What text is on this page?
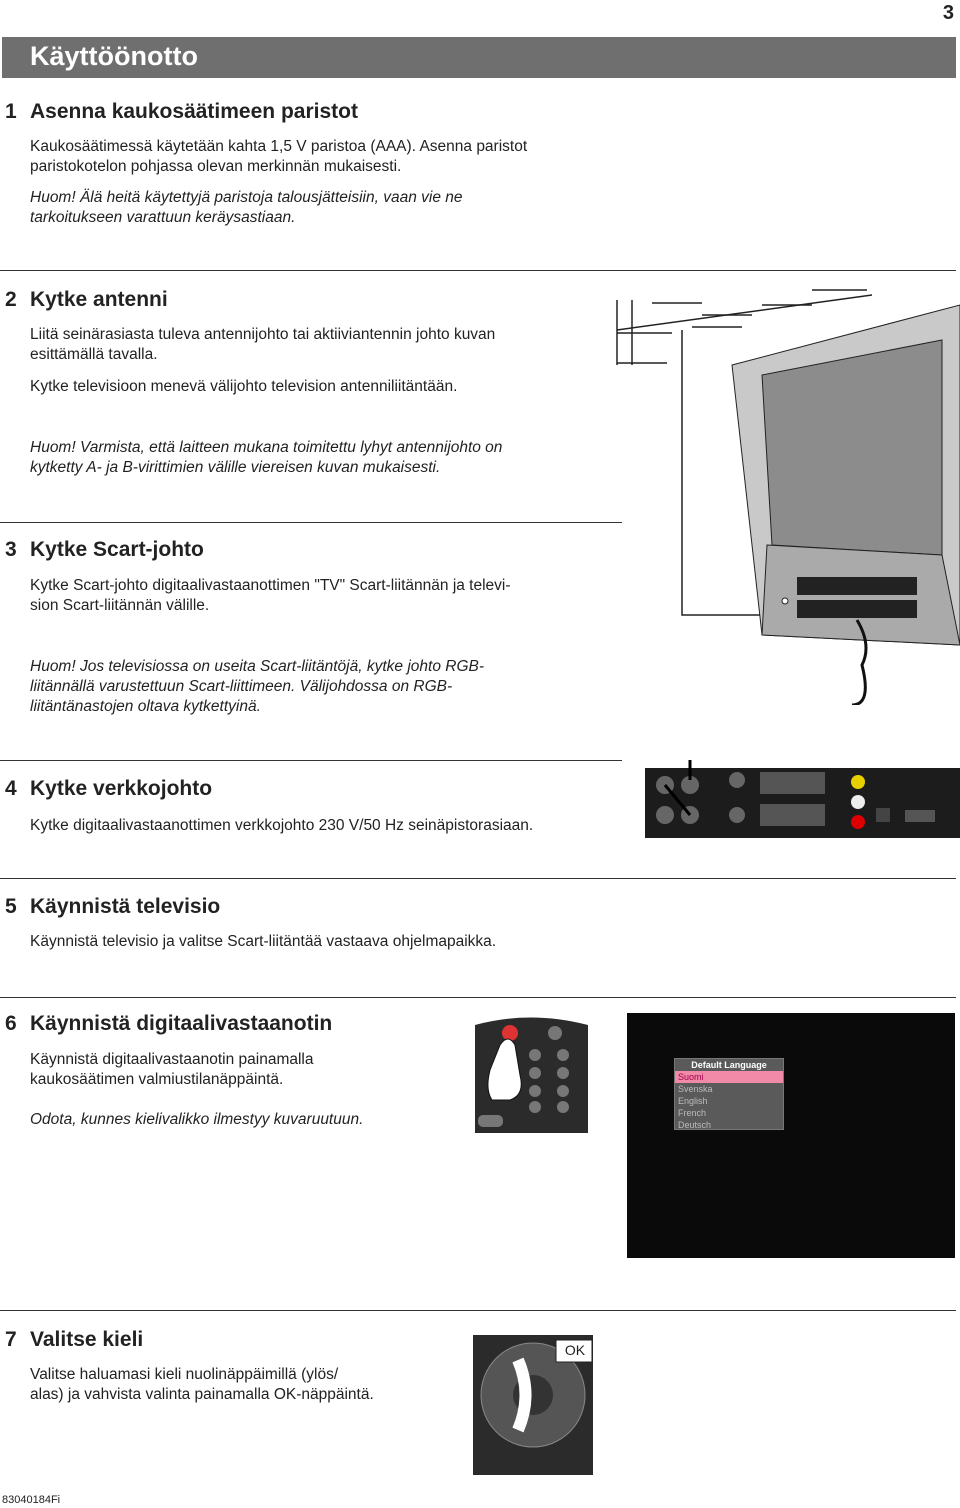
3
Käyttöönotto
1 Asenna kaukosäätimeen paristot
Kaukosäätimessä käytetään kahta 1,5 V paristoa (AAA). Asenna paristot
paristokotelon pohjassa olevan merkinnän mukaisesti.
Huom! Älä heitä käytettyjä paristoja talousjätteisiin, vaan vie ne
tarkoitukseen varattuun keräysastiaan.
2 Kytke antenni
Liitä seinärasiasta tuleva antennijohto tai aktiiviantennin johto kuvan
esittämällä tavalla.
Kytke televisioon menevä välijohto television antenniliitäntään.
Huom! Varmista, että laitteen mukana toimitettu lyhyt antennijohto on
kytketty A- ja B-virittimien välille viereisen kuvan mukaisesti.
3 Kytke Scart-johto
Kytke Scart-johto digitaalivastaanottimen "TV" Scart-liitännän ja televi-
sion Scart-liitännän välille.
Huom! Jos televisiossa on useita Scart-liitäntöjä, kytke johto RGB-
liitännällä varustettuun Scart-liittimeen. Välijohdossa on RGB-
liitäntänastojen oltava kytkettyinä.
4 Kytke verkkojohto
Kytke digitaalivastaanottimen verkkojohto 230 V/50 Hz seinäpistorasiaan.
5 Käynnistä televisio
Käynnistä televisio ja valitse Scart-liitäntää vastaava ohjelmapaikka.
6 Käynnistä digitaalivastaanotin
Käynnistä digitaalivastaanotin painamalla
kaukosäätimen valmiustilanäppäintä.
Odota, kunnes kielivalikko ilmestyy kuvaruutuun.
Default Language
Suomi
Svenska
English
French
Deutsch
7 Valitse kieli
Valitse haluamasi kieli nuolinäppäimillä (ylös/
alas) ja vahvista valinta painamalla OK-näppäintä.
OK
83040184Fi
